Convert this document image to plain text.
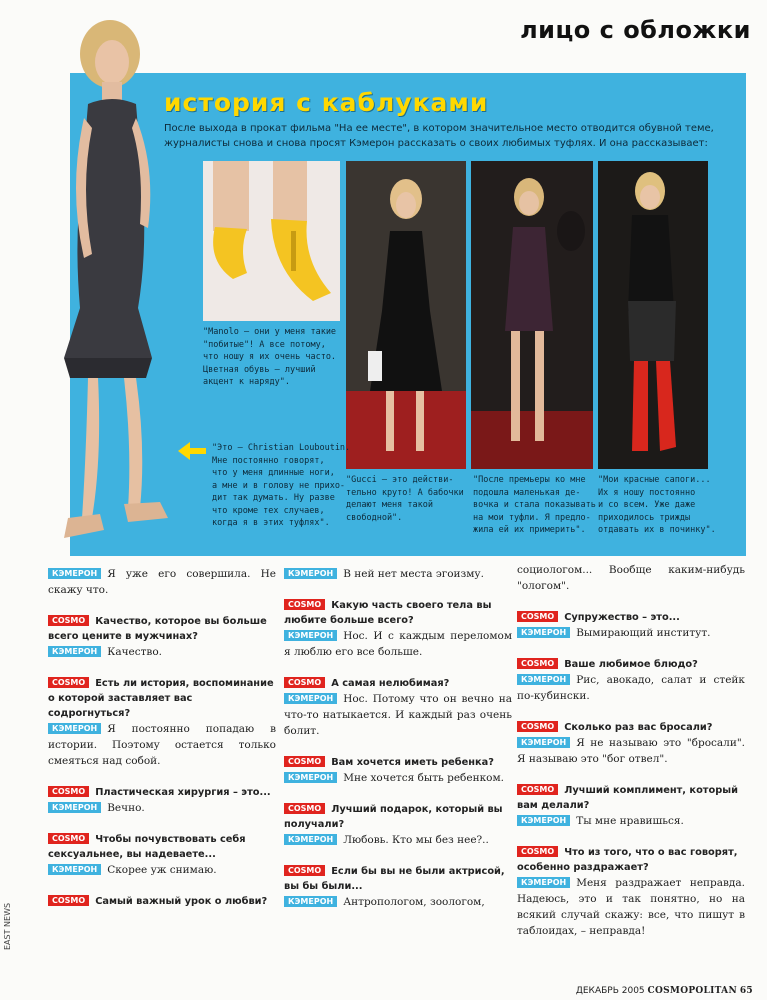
лицо с обложки
история с каблуками
После выхода в прокат фильма "На ее месте", в котором значительное место отводится обувной теме, журналисты снова и снова просят Кэмерон рассказать о своих любимых туфлях. И она рассказывает:
"Manolo – они у меня такие
"побитые"! А все потому,
что ношу я их очень часто.
Цветная обувь – лучший
акцент к наряду".
"Это – Christian Louboutin.
Мне постоянно говорят,
что у меня длинные ноги,
а мне и в голову не прихо-
дит так думать. Ну разве
что кроме тех случаев,
когда я в этих туфлях".
"Gucci – это действи-
тельно круто! А бабочки
делают меня такой
свободной".
"После премьеры ко мне
подошла маленькая де-
вочка и стала показывать
на мои туфли. Я предло-
жила ей их примерить".
"Мои красные сапоги...
Их я ношу постоянно
и со всем. Уже даже
приходилось трижды
отдавать их в починку".
КЭМЕРОН Я уже его совершила. Не скажу что.
COSMO Качество, которое вы больше всего цените в мужчинах?
КЭМЕРОН Качество.
COSMO Есть ли история, воспоминание о которой заставляет вас содрогнуться?
КЭМЕРОН Я постоянно попадаю в истории. Поэтому остается только смеяться над собой.
COSMO Пластическая хирургия – это...
КЭМЕРОН Вечно.
COSMO Чтобы почувствовать себя сексуальнее, вы надеваете...
КЭМЕРОН Скорее уж снимаю.
COSMO Самый важный урок о любви?
КЭМЕРОН В ней нет места эгоизму.
COSMO Какую часть своего тела вы любите больше всего?
КЭМЕРОН Нос. И с каждым переломом я люблю его все больше.
COSMO А самая нелюбимая?
КЭМЕРОН Нос. Потому что он вечно на что-то натыкается. И каждый раз очень болит.
COSMO Вам хочется иметь ребенка?
КЭМЕРОН Мне хочется быть ребенком.
COSMO Лучший подарок, который вы получали?
КЭМЕРОН Любовь. Кто мы без нее?..
COSMO Если бы вы не были актрисой, вы бы были...
КЭМЕРОН Антропологом, зоологом,
социологом... Вообще каким-нибудь "ологом".
COSMO Супружество – это...
КЭМЕРОН Вымирающий институт.
COSMO Ваше любимое блюдо?
КЭМЕРОН Рис, авокадо, салат и стейк по-кубински.
COSMO Сколько раз вас бросали?
КЭМЕРОН Я не называю это "бросали". Я называю это "бог отвел".
COSMO Лучший комплимент, который вам делали?
КЭМЕРОН Ты мне нравишься.
COSMO Что из того, что о вас говорят, особенно раздражает?
КЭМЕРОН Меня раздражает неправда. Надеюсь, это и так понятно, но на всякий случай скажу: все, что пишут в таблоидах, – неправда!
EAST NEWS
ДЕКАБРЬ 2005 COSMOPOLITAN 65
